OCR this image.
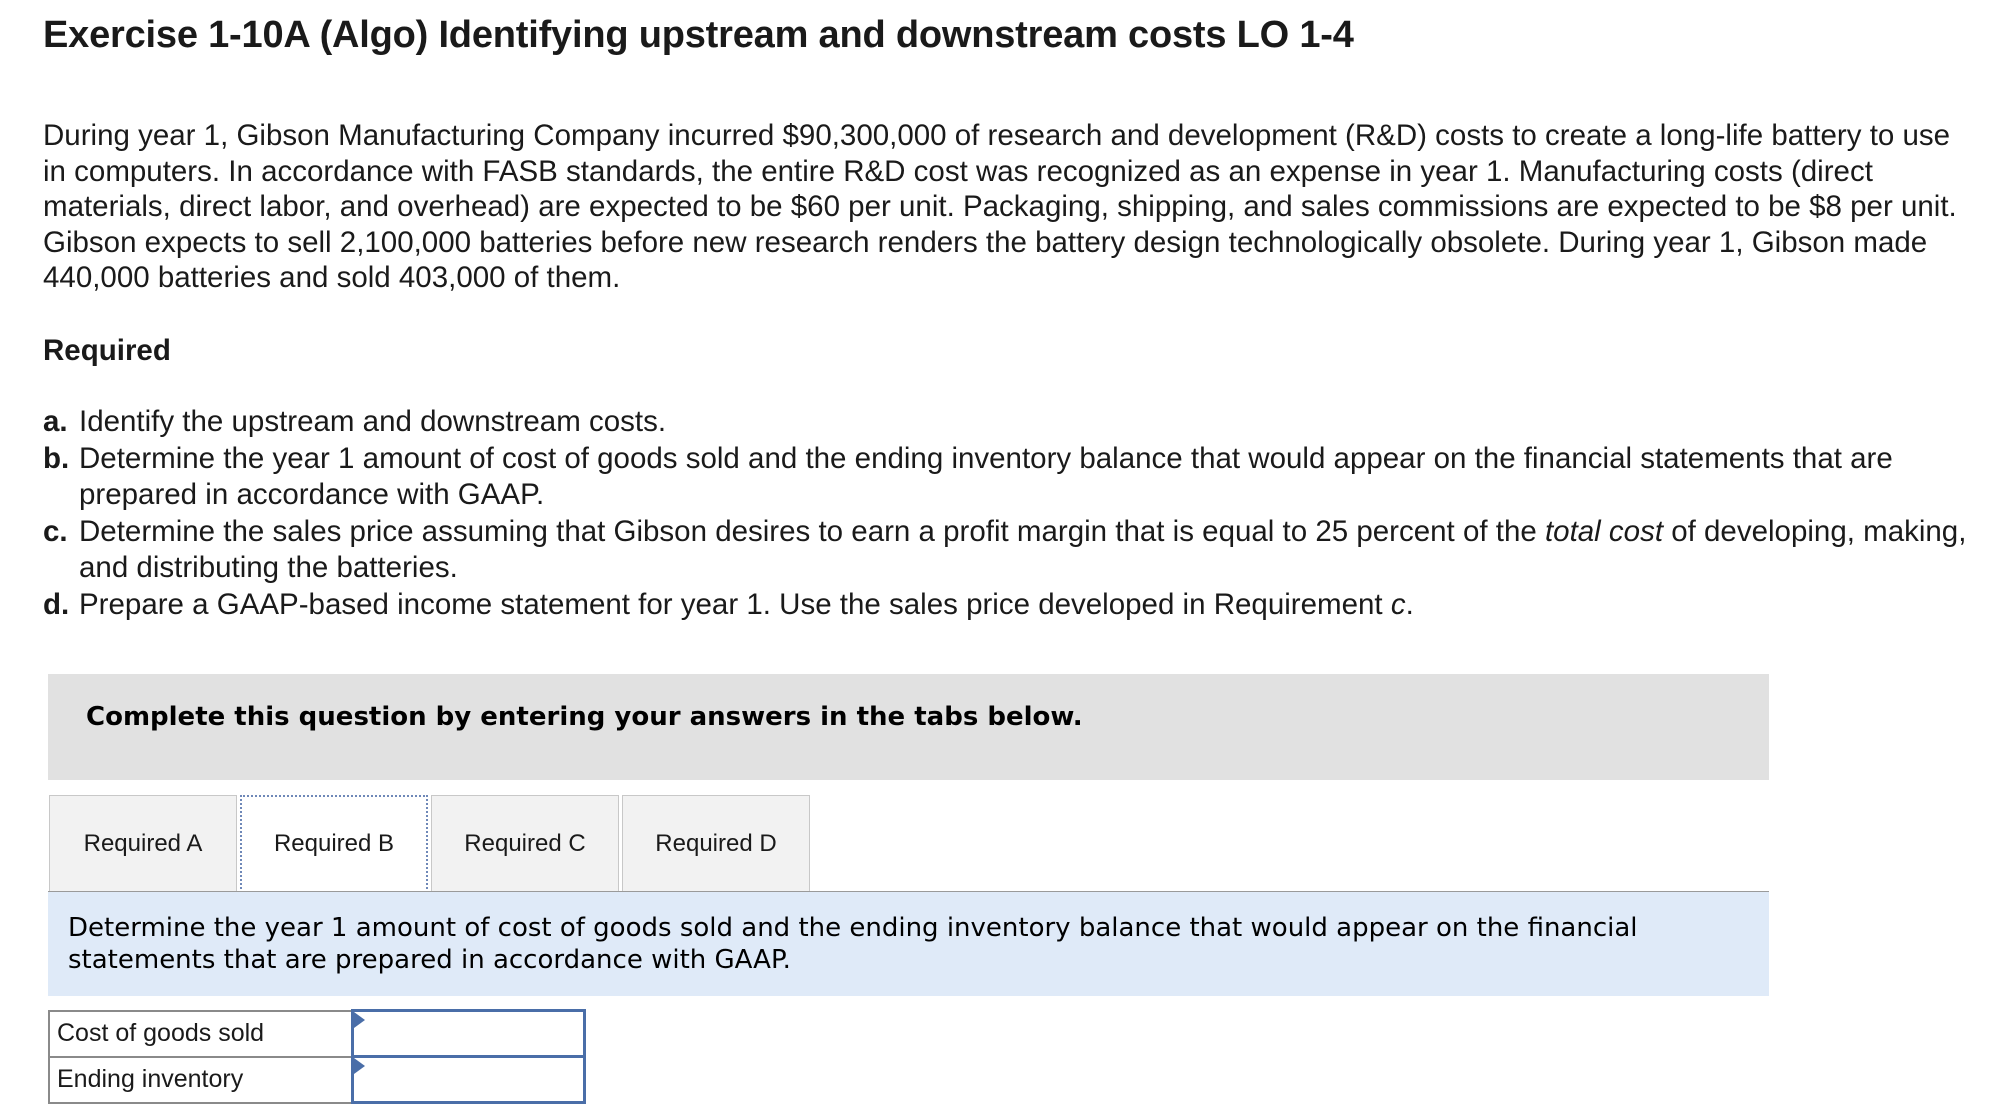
Exercise 1-10A (Algo) Identifying upstream and downstream costs LO 1-4
During year 1, Gibson Manufacturing Company incurred $90,300,000 of research and development (R&D) costs to create a long-life battery to use in computers. In accordance with FASB standards, the entire R&D cost was recognized as an expense in year 1. Manufacturing costs (direct materials, direct labor, and overhead) are expected to be $60 per unit. Packaging, shipping, and sales commissions are expected to be $8 per unit. Gibson expects to sell 2,100,000 batteries before new research renders the battery design technologically obsolete. During year 1, Gibson made 440,000 batteries and sold 403,000 of them.
Required
a. Identify the upstream and downstream costs.
b. Determine the year 1 amount of cost of goods sold and the ending inventory balance that would appear on the financial statements that are prepared in accordance with GAAP.
c. Determine the sales price assuming that Gibson desires to earn a profit margin that is equal to 25 percent of the total cost of developing, making, and distributing the batteries.
d. Prepare a GAAP-based income statement for year 1. Use the sales price developed in Requirement c.
Complete this question by entering your answers in the tabs below.
Required A	Required B	Required C	Required D
Determine the year 1 amount of cost of goods sold and the ending inventory balance that would appear on the financial statements that are prepared in accordance with GAAP.
Cost of goods sold	

Ending inventory	
